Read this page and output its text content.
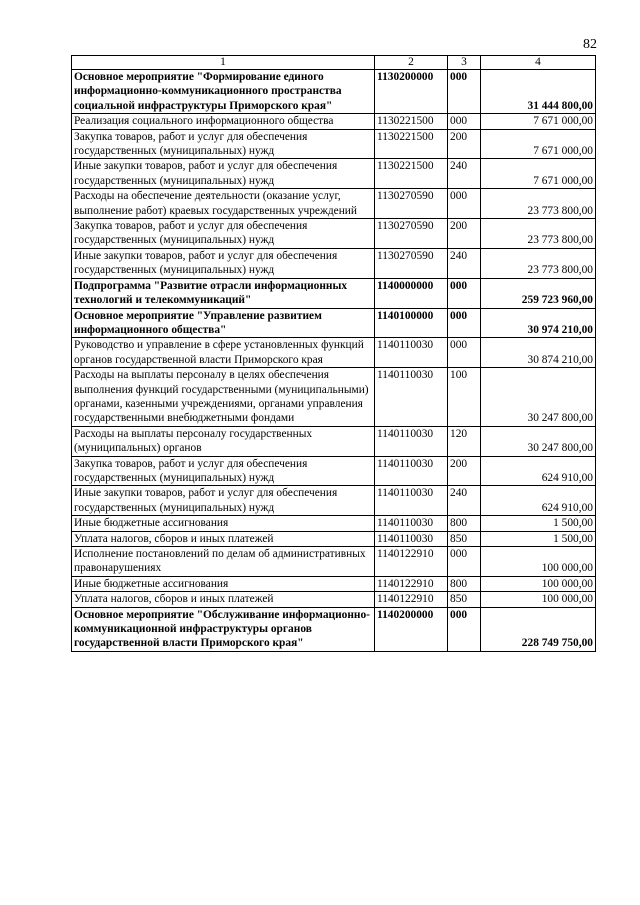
82
1	2	3	4
Основное мероприятие "Формирование единого информационно-коммуникационного пространства социальной инфраструктуры Приморского края"	1130200000	000	31 444 800,00
Реализация социального информационного общества	1130221500	000	7 671 000,00
Закупка товаров, работ и услуг для обеспечения государственных (муниципальных) нужд	1130221500	200	7 671 000,00
Иные закупки товаров, работ и услуг для обеспечения государственных (муниципальных) нужд	1130221500	240	7 671 000,00
Расходы на обеспечение деятельности (оказание услуг, выполнение работ) краевых государственных учреждений	1130270590	000	23 773 800,00
Закупка товаров, работ и услуг для обеспечения государственных (муниципальных) нужд	1130270590	200	23 773 800,00
Иные закупки товаров, работ и услуг для обеспечения государственных (муниципальных) нужд	1130270590	240	23 773 800,00
Подпрограмма "Развитие отрасли информационных технологий и телекоммуникаций"	1140000000	000	259 723 960,00
Основное мероприятие "Управление развитием информационного общества"	1140100000	000	30 974 210,00
Руководство и управление в сфере установленных функций органов государственной власти Приморского края	1140110030	000	30 874 210,00
Расходы на выплаты персоналу в целях обеспечения выполнения функций государственными (муниципальными) органами, казенными учреждениями, органами управления государственными внебюджетными фондами	1140110030	100	30 247 800,00
Расходы на выплаты персоналу государственных (муниципальных) органов	1140110030	120	30 247 800,00
Закупка товаров, работ и услуг для обеспечения государственных (муниципальных) нужд	1140110030	200	624 910,00
Иные закупки товаров, работ и услуг для обеспечения государственных (муниципальных) нужд	1140110030	240	624 910,00
Иные бюджетные ассигнования	1140110030	800	1 500,00
Уплата налогов, сборов и иных платежей	1140110030	850	1 500,00
Исполнение постановлений по делам об административных правонарушениях	1140122910	000	100 000,00
Иные бюджетные ассигнования	1140122910	800	100 000,00
Уплата налогов, сборов и иных платежей	1140122910	850	100 000,00
Основное мероприятие "Обслуживание информационно-коммуникационной инфраструктуры органов государственной власти Приморского края"	1140200000	000	228 749 750,00
